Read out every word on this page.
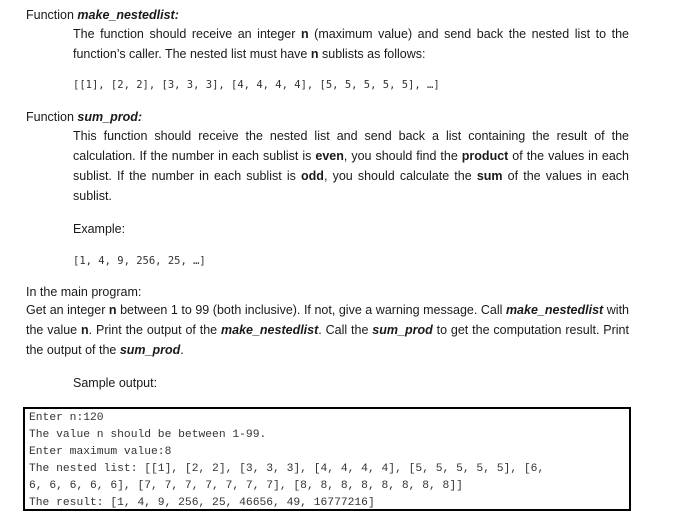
Function make_nestedlist:
The function should receive an integer n (maximum value) and send back the nested list to the function’s caller. The nested list must have n sublists as follows:
[[1], [2, 2], [3, 3, 3], [4, 4, 4, 4], [5, 5, 5, 5, 5], …]
Function sum_prod:
This function should receive the nested list and send back a list containing the result of the calculation. If the number in each sublist is even, you should find the product of the values in each sublist. If the number in each sublist is odd, you should calculate the sum of the values in each sublist.
Example:
[1, 4, 9, 256, 25, …]
In the main program:
Get an integer n between 1 to 99 (both inclusive). If not, give a warning message. Call make_nestedlist with the value n. Print the output of the make_nestedlist. Call the sum_prod to get the computation result. Print the output of the sum_prod.
Sample output:
Enter n:120
The value n should be between 1-99.
Enter maximum value:8
The nested list: [[1], [2, 2], [3, 3, 3], [4, 4, 4, 4], [5, 5, 5, 5, 5], [6,
6, 6, 6, 6, 6], [7, 7, 7, 7, 7, 7, 7], [8, 8, 8, 8, 8, 8, 8, 8]]
The result: [1, 4, 9, 256, 25, 46656, 49, 16777216]
